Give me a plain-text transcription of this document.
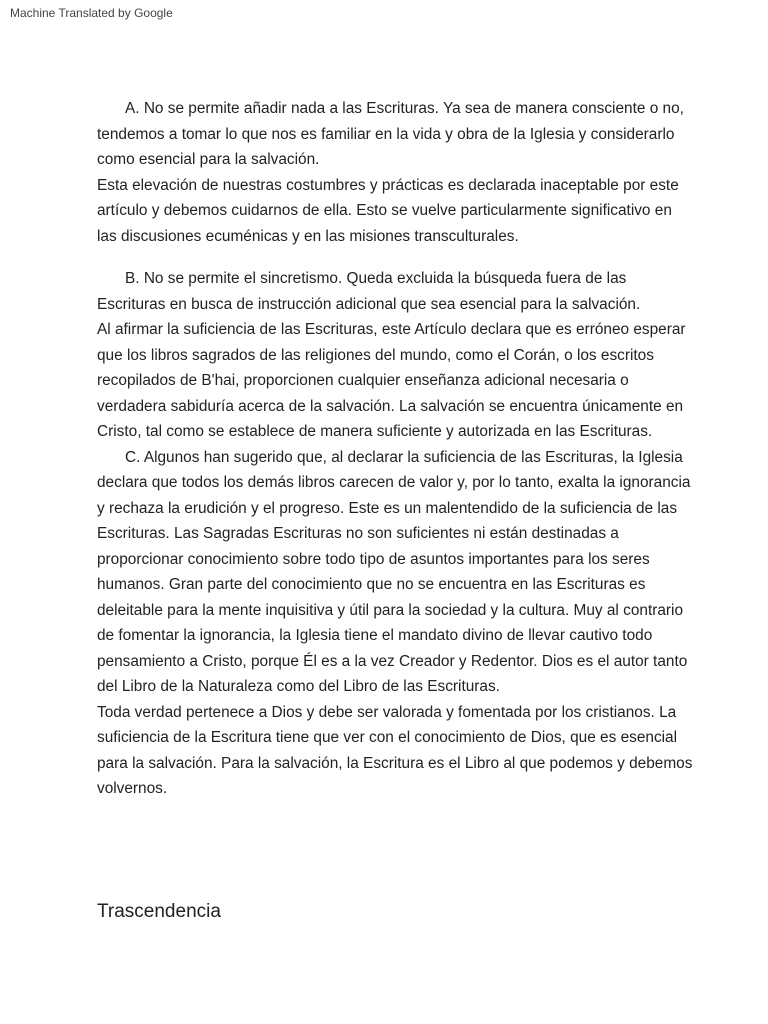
Machine Translated by Google

A. No se permite añadir nada a las Escrituras. Ya sea de manera consciente o no, tendemos a tomar lo que nos es familiar en la vida y obra de la Iglesia y considerarlo como esencial para la salvación.

Esta elevación de nuestras costumbres y prácticas es declarada inaceptable por este artículo y debemos cuidarnos de ella. Esto se vuelve particularmente significativo en las discusiones ecuménicas y en las misiones transculturales.

B. No se permite el sincretismo. Queda excluida la búsqueda fuera de las Escrituras en busca de instrucción adicional que sea esencial para la salvación.

Al afirmar la suficiencia de las Escrituras, este Artículo declara que es erróneo esperar que los libros sagrados de las religiones del mundo, como el Corán, o los escritos recopilados de B'hai, proporcionen cualquier enseñanza adicional necesaria o verdadera sabiduría acerca de la salvación. La salvación se encuentra únicamente en Cristo, tal como se establece de manera suficiente y autorizada en las Escrituras.

C. Algunos han sugerido que, al declarar la suficiencia de las Escrituras, la Iglesia declara que todos los demás libros carecen de valor y, por lo tanto, exalta la ignorancia y rechaza la erudición y el progreso. Este es un malentendido de la suficiencia de las Escrituras. Las Sagradas Escrituras no son suficientes ni están destinadas a proporcionar conocimiento sobre todo tipo de asuntos importantes para los seres humanos. Gran parte del conocimiento que no se encuentra en las Escrituras es deleitable para la mente inquisitiva y útil para la sociedad y la cultura. Muy al contrario de fomentar la ignorancia, la Iglesia tiene el mandato divino de llevar cautivo todo pensamiento a Cristo, porque Él es a la vez Creador y Redentor. Dios es el autor tanto del Libro de la Naturaleza como del Libro de las Escrituras.

Toda verdad pertenece a Dios y debe ser valorada y fomentada por los cristianos. La suficiencia de la Escritura tiene que ver con el conocimiento de Dios, que es esencial para la salvación. Para la salvación, la Escritura es el Libro al que podemos y debemos volvernos.

Trascendencia
